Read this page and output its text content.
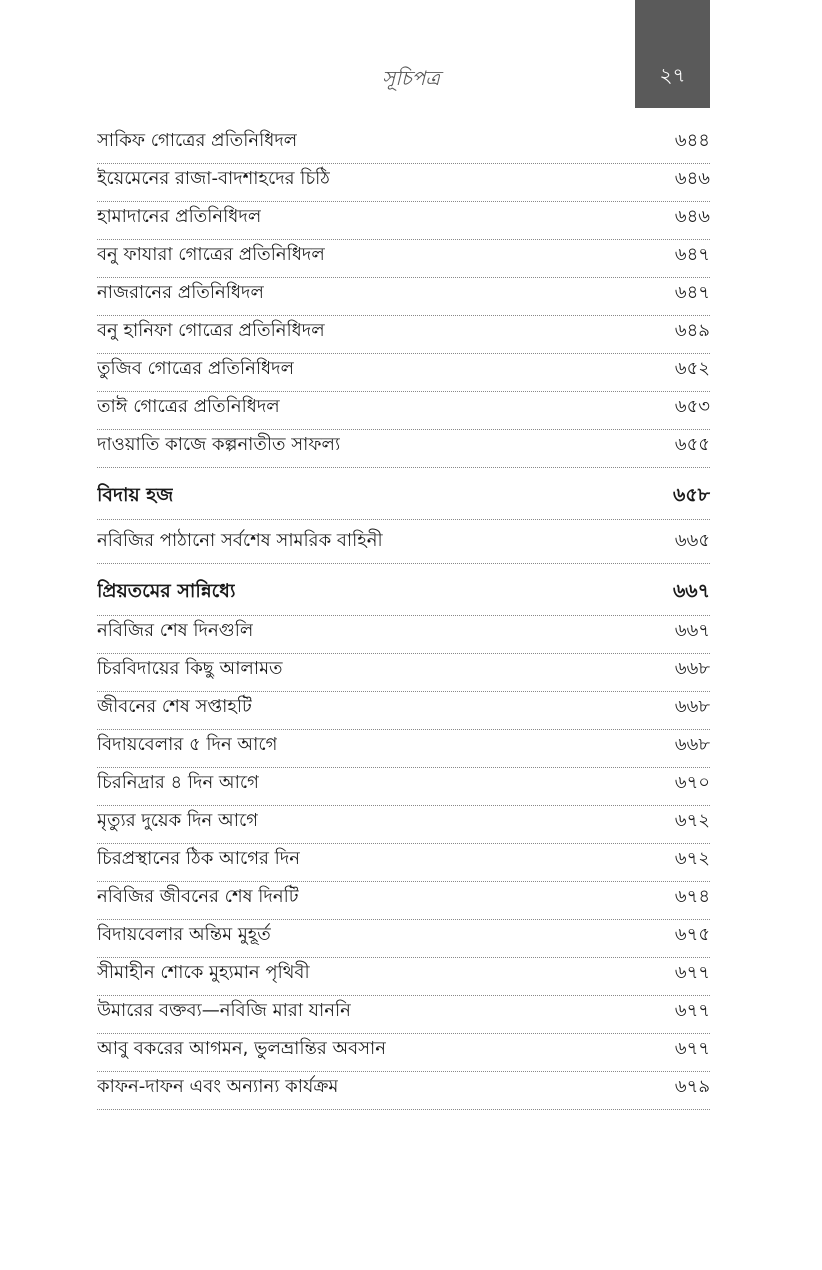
২৭
সূচিপত্র
সাকিফ গোত্রের প্রতিনিধিদল	৬৪৪
ইয়েমেনের রাজা-বাদশাহদের চিঠি	৬৪৬
হামাদানের প্রতিনিধিদল	৬৪৬
বনু ফাযারা গোত্রের প্রতিনিধিদল	৬৪৭
নাজরানের প্রতিনিধিদল	৬৪৭
বনু হানিফা গোত্রের প্রতিনিধিদল	৬৪৯
তুজিব গোত্রের প্রতিনিধিদল	৬৫২
তাঈ গোত্রের প্রতিনিধিদল	৬৫৩
দাওয়াতি কাজে কল্পনাতীত সাফল্য	৬৫৫
বিদায় হজ	৬৫৮
নবিজির পাঠানো সর্বশেষ সামরিক বাহিনী	৬৬৫
প্রিয়তমের সান্নিধ্যে	৬৬৭
নবিজির শেষ দিনগুলি	৬৬৭
চিরবিদায়ের কিছু আলামত	৬৬৮
জীবনের শেষ সপ্তাহটি	৬৬৮
বিদায়বেলার ৫ দিন আগে	৬৬৮
চিরনিদ্রার ৪ দিন আগে	৬৭০
মৃত্যুর দুয়েক দিন আগে	৬৭২
চিরপ্রস্থানের ঠিক আগের দিন	৬৭২
নবিজির জীবনের শেষ দিনটি	৬৭৪
বিদায়বেলার অন্তিম মুহূর্ত	৬৭৫
সীমাহীন শোকে মুহ্যমান পৃথিবী	৬৭৭
উমারের বক্তব্য—নবিজি মারা যাননি	৬৭৭
আবু বকরের আগমন, ভুলভ্রান্তির অবসান	৬৭৭
কাফন-দাফন এবং অন্যান্য কার্যক্রম	৬৭৯
